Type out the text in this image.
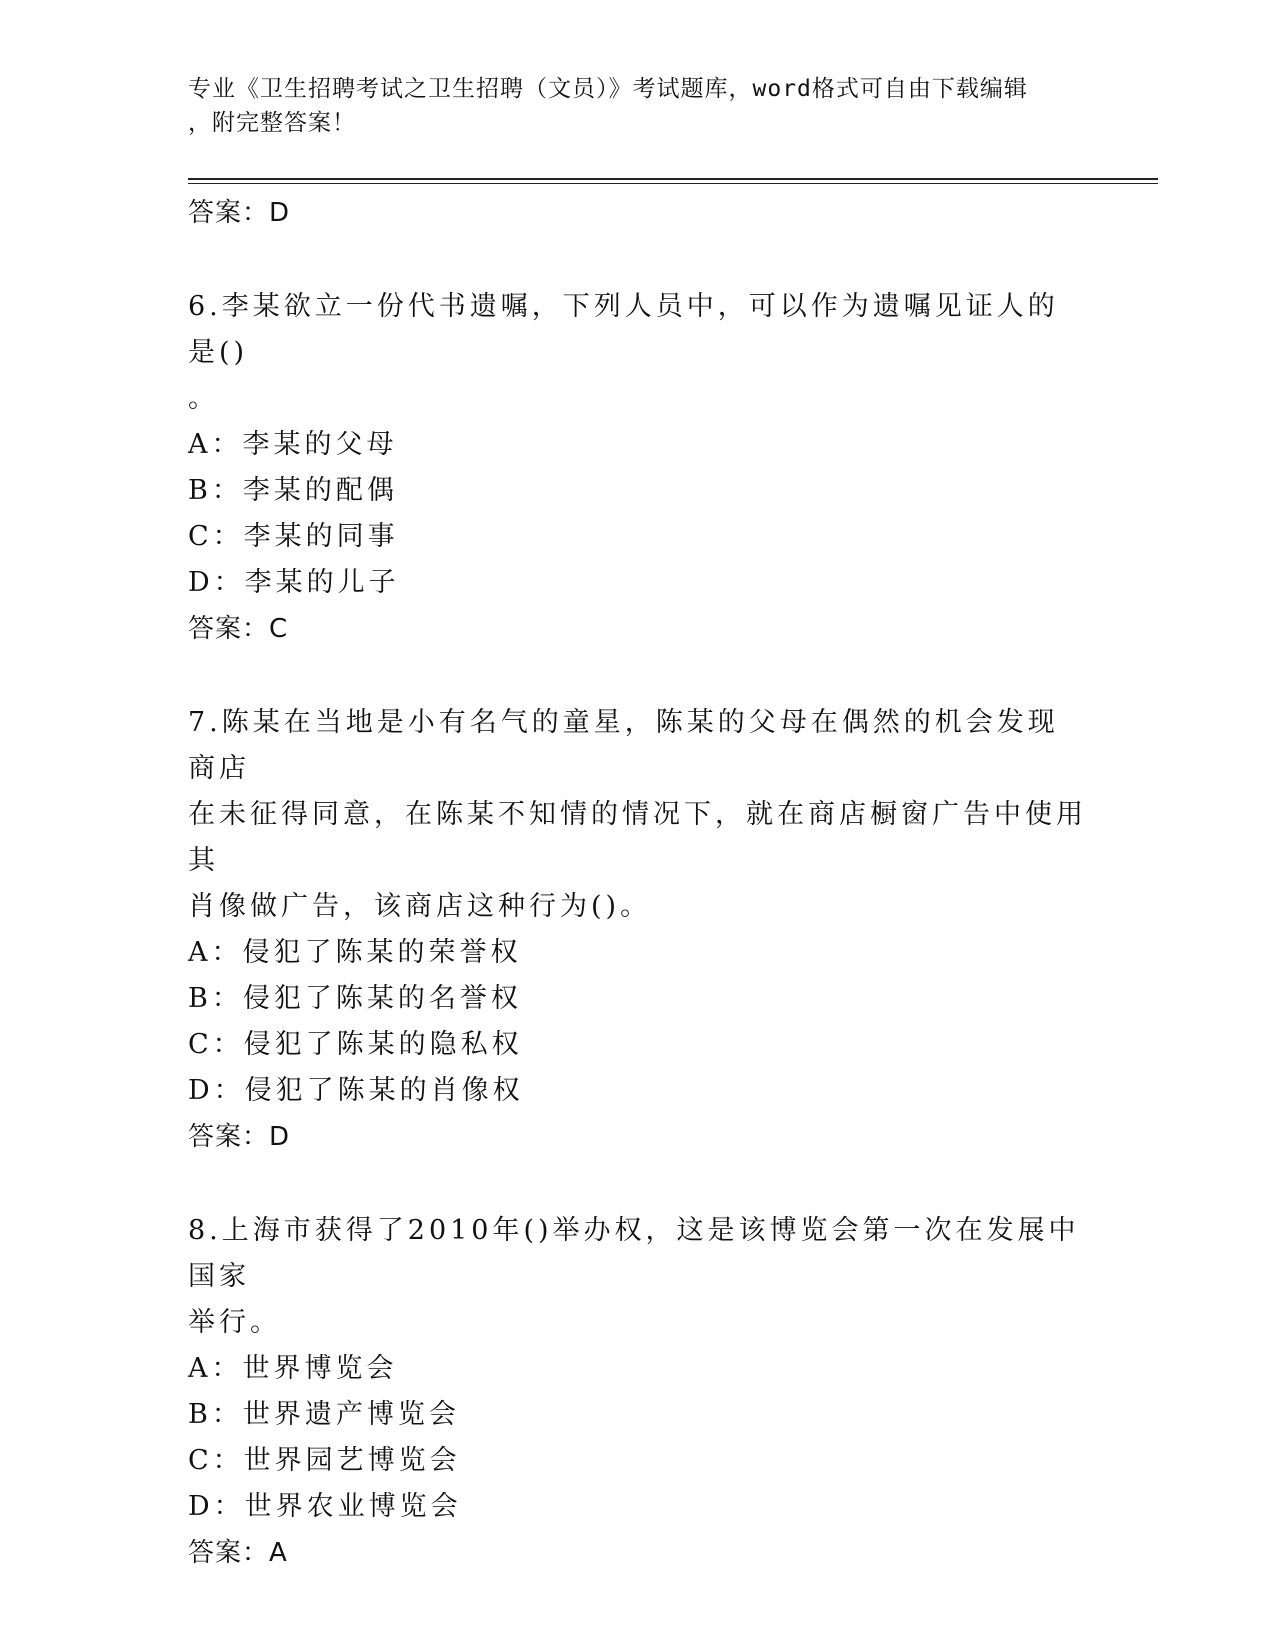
专业《卫生招聘考试之卫生招聘（文员）》考试题库，word格式可自由下载编辑
，附完整答案！
答案：D
6.李某欲立一份代书遗嘱，下列人员中，可以作为遗嘱见证人的是()
。
A：李某的父母
B：李某的配偶
C：李某的同事
D：李某的儿子
答案：C
7.陈某在当地是小有名气的童星，陈某的父母在偶然的机会发现商店
在未征得同意，在陈某不知情的情况下，就在商店橱窗广告中使用其
肖像做广告，该商店这种行为()。
A：侵犯了陈某的荣誉权
B：侵犯了陈某的名誉权
C：侵犯了陈某的隐私权
D：侵犯了陈某的肖像权
答案：D
8.上海市获得了2010年()举办权，这是该博览会第一次在发展中国家
举行。
A：世界博览会
B：世界遗产博览会
C：世界园艺博览会
D：世界农业博览会
答案：A
